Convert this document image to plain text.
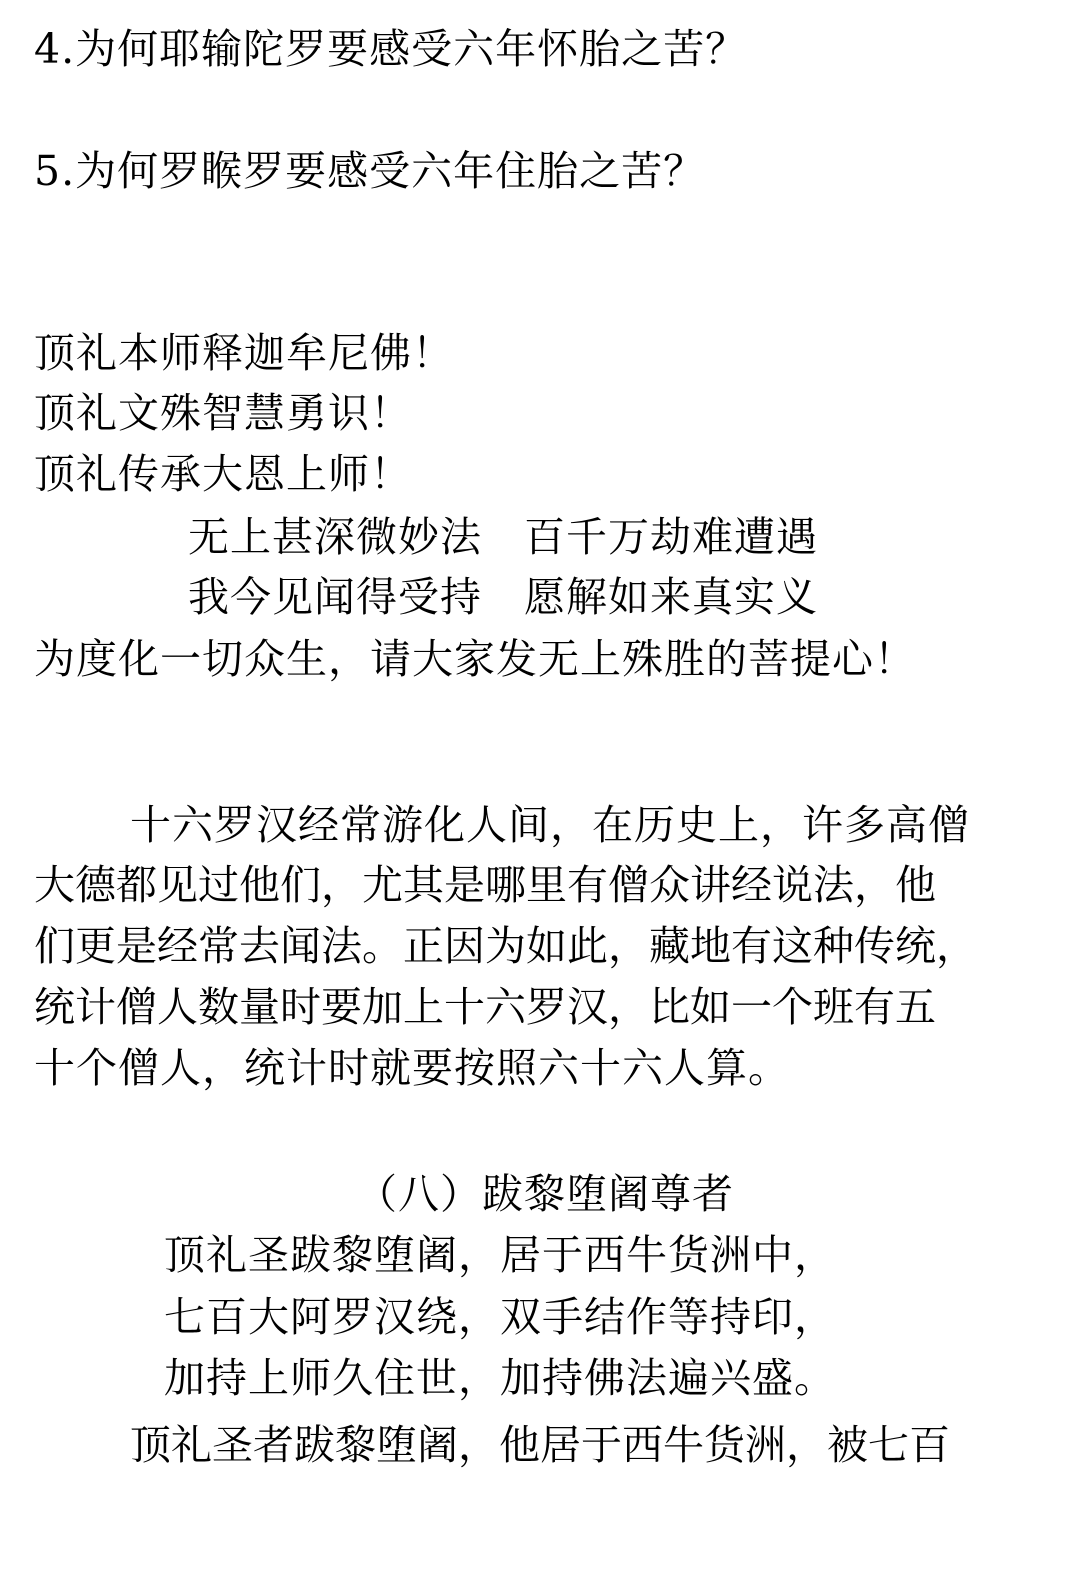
4.为何耶输陀罗要感受六年怀胎之苦？

5.为何罗睺罗要感受六年住胎之苦？

顶礼本师释迦牟尼佛！

顶礼文殊智慧勇识！

顶礼传承大恩上师！

无上甚深微妙法　百千万劫难遭遇

我今见闻得受持　愿解如来真实义

为度化一切众生，请大家发无上殊胜的菩提心！

十六罗汉经常游化人间，在历史上，许多高僧

大德都见过他们，尤其是哪里有僧众讲经说法，他

们更是经常去闻法。正因为如此，藏地有这种传统，

统计僧人数量时要加上十六罗汉，比如一个班有五

十个僧人，统计时就要按照六十六人算。

（八）跋黎堕阇尊者

顶礼圣跋黎堕阇，居于西牛货洲中，

七百大阿罗汉绕，双手结作等持印，

加持上师久住世，加持佛法遍兴盛。

顶礼圣者跋黎堕阇，他居于西牛货洲，被七百
